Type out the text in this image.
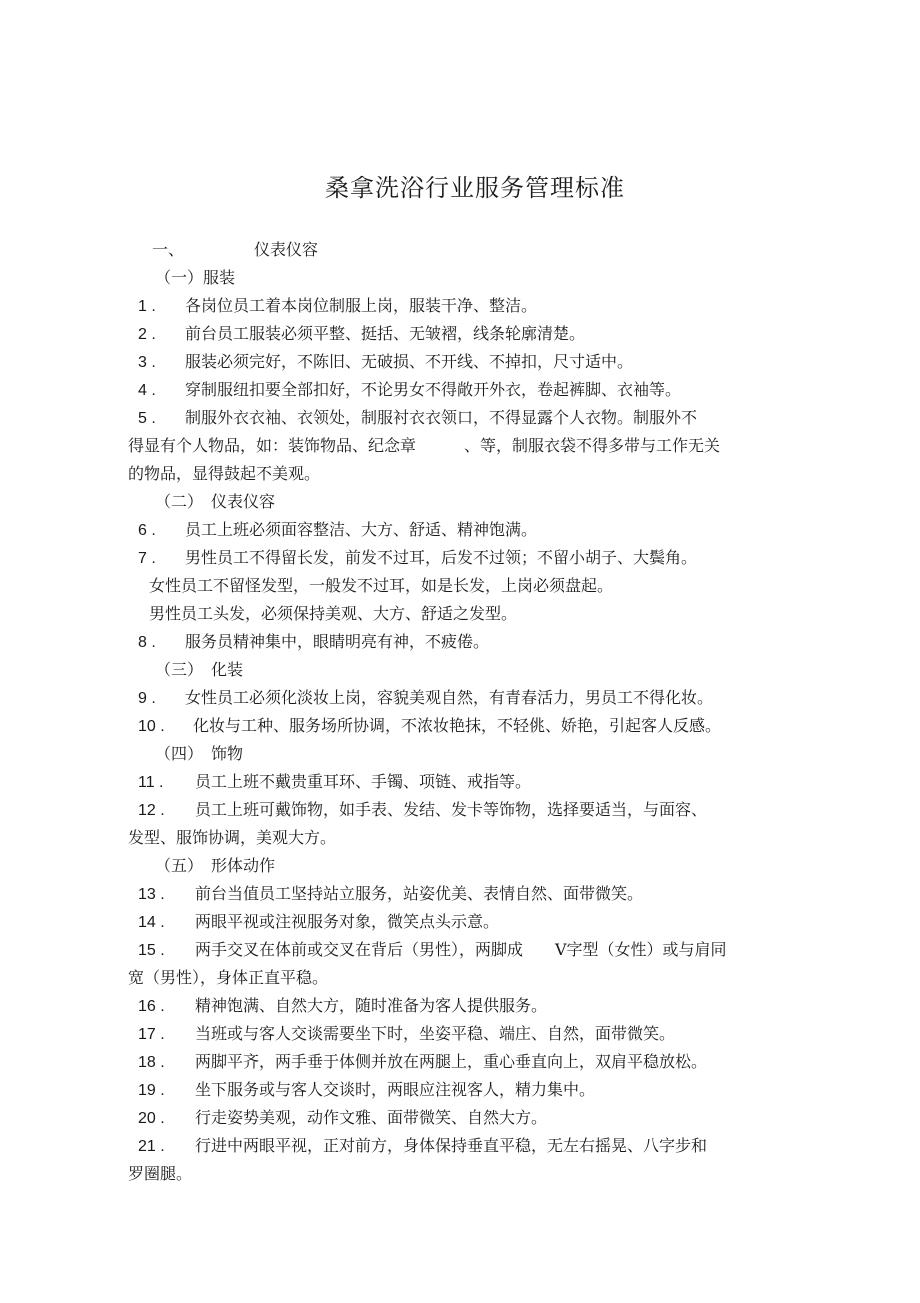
桑拿洗浴行业服务管理标准
一、	仪表仪容
（一）服装
1 . 各岗位员工着本岗位制服上岗，服装干净、整洁。
2 . 前台员工服装必须平整、挺括、无皱褶，线条轮廓清楚。
3 . 服装必须完好，不陈旧、无破损、不开线、不掉扣，尺寸适中。
4 . 穿制服纽扣要全部扣好，不论男女不得敞开外衣，卷起裤脚、衣袖等。
5 . 制服外衣衣袖、衣领处，制服衬衣衣领口，不得显露个人衣物。制服外不
得显有个人物品，如：装饰物品、纪念章　　　、等，制服衣袋不得多带与工作无关
的物品，显得鼓起不美观。
（二）　仪表仪容
6 . 员工上班必须面容整洁、大方、舒适、精神饱满。
7 . 男性员工不得留长发，前发不过耳，后发不过领；不留小胡子、大鬓角。
女性员工不留怪发型，一般发不过耳，如是长发，上岗必须盘起。
男性员工头发，必须保持美观、大方、舒适之发型。
8 . 服务员精神集中，眼睛明亮有神，不疲倦。
（三）　化装
9 . 女性员工必须化淡妆上岗，容貌美观自然，有青春活力，男员工不得化妆。
10 . 化妆与工种、服务场所协调，不浓妆艳抹，不轻佻、娇艳，引起客人反感。
（四）　饰物
11 . 员工上班不戴贵重耳环、手镯、项链、戒指等。
12 . 员工上班可戴饰物，如手表、发结、发卡等饰物，选择要适当，与面容、
发型、服饰协调，美观大方。
（五）　形体动作
13 . 前台当值员工坚持站立服务，站姿优美、表情自然、面带微笑。
14 . 两眼平视或注视服务对象，微笑点头示意。
15 . 两手交叉在体前或交叉在背后（男性），两脚成　　V字型（女性）或与肩同
宽（男性），身体正直平稳。
16 . 精神饱满、自然大方，随时准备为客人提供服务。
17 . 当班或与客人交谈需要坐下时，坐姿平稳、端庄、自然，面带微笑。
18 . 两脚平齐，两手垂于体侧并放在两腿上，重心垂直向上，双肩平稳放松。
19 . 坐下服务或与客人交谈时，两眼应注视客人，精力集中。
20 . 行走姿势美观，动作文雅、面带微笑、自然大方。
21 . 行进中两眼平视，正对前方，身体保持垂直平稳，无左右摇晃、八字步和
罗圈腿。
